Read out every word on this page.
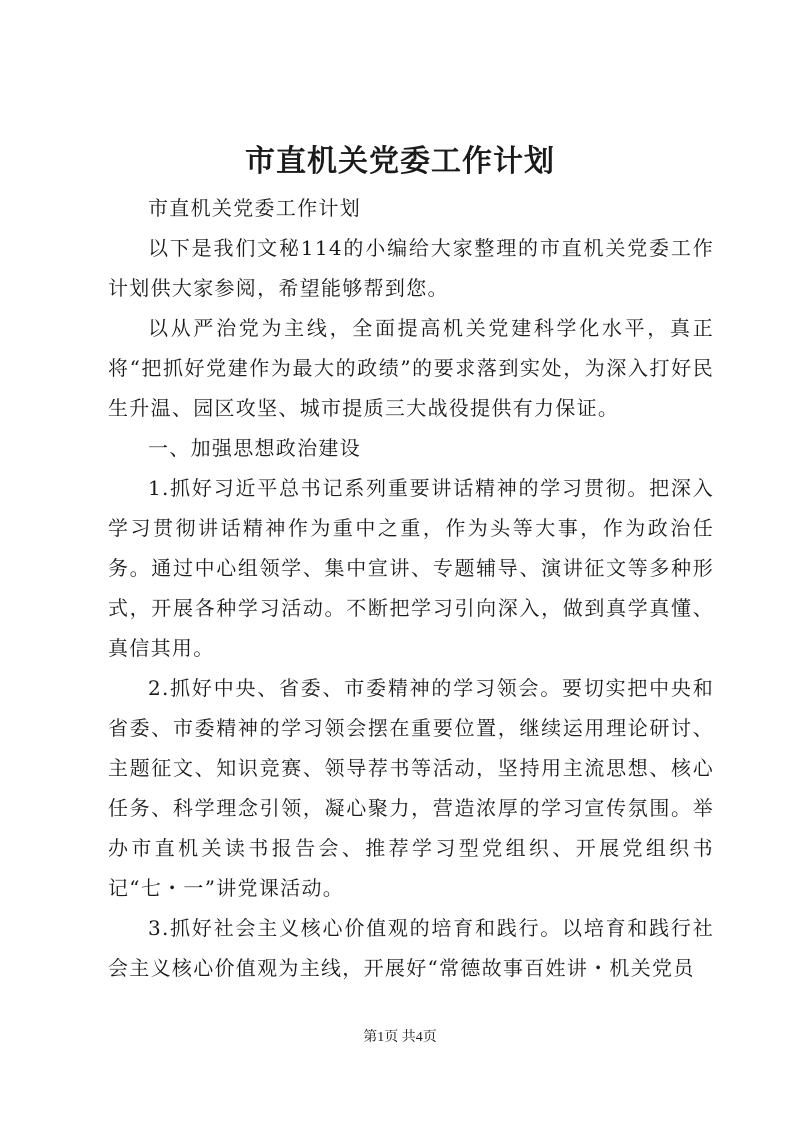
市直机关党委工作计划

市直机关党委工作计划

以下是我们文秘114的小编给大家整理的市直机关党委工作计划供大家参阅，希望能够帮到您。

以从严治党为主线，全面提高机关党建科学化水平，真正将“把抓好党建作为最大的政绩”的要求落到实处，为深入打好民生升温、园区攻坚、城市提质三大战役提供有力保证。

一、加强思想政治建设

1.抓好习近平总书记系列重要讲话精神的学习贯彻。把深入学习贯彻讲话精神作为重中之重，作为头等大事，作为政治任务。通过中心组领学、集中宣讲、专题辅导、演讲征文等多种形式，开展各种学习活动。不断把学习引向深入，做到真学真懂、真信其用。

2.抓好中央、省委、市委精神的学习领会。要切实把中央和省委、市委精神的学习领会摆在重要位置，继续运用理论研讨、主题征文、知识竞赛、领导荐书等活动，坚持用主流思想、核心任务、科学理念引领，凝心聚力，营造浓厚的学习宣传氛围。举办市直机关读书报告会、推荐学习型党组织、开展党组织书记“七・一”讲党课活动。

3.抓好社会主义核心价值观的培育和践行。以培育和践行社会主义核心价值观为主线，开展好“常德故事百姓讲・机关党员

第1页 共4页
